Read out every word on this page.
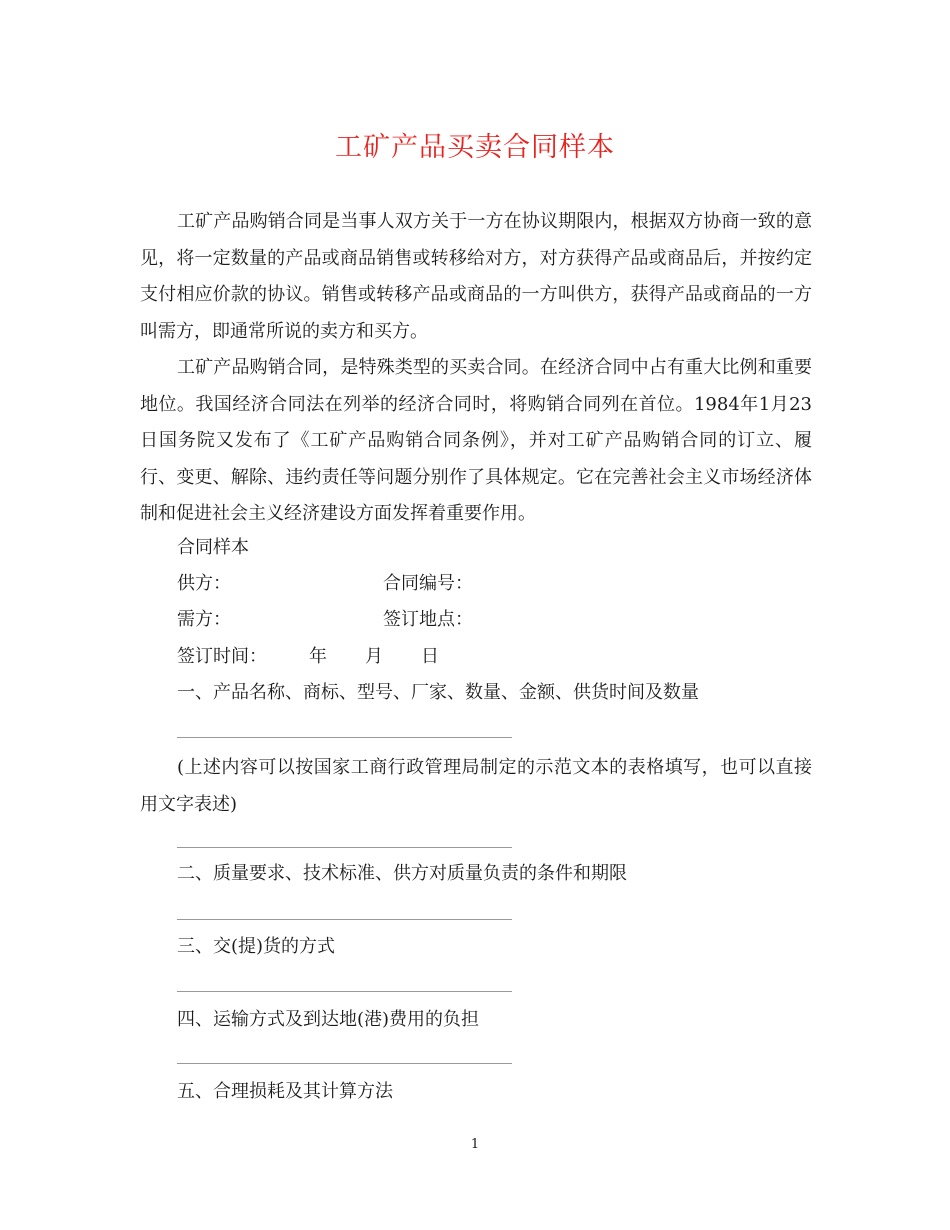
工矿产品买卖合同样本

工矿产品购销合同是当事人双方关于一方在协议期限内，根据双方协商一致的意见，将一定数量的产品或商品销售或转移给对方，对方获得产品或商品后，并按约定支付相应价款的协议。销售或转移产品或商品的一方叫供方，获得产品或商品的一方叫需方，即通常所说的卖方和买方。

工矿产品购销合同，是特殊类型的买卖合同。在经济合同中占有重大比例和重要地位。我国经济合同法在列举的经济合同时，将购销合同列在首位。1984年1月23日国务院又发布了《工矿产品购销合同条例》，并对工矿产品购销合同的订立、履行、变更、解除、违约责任等问题分别作了具体规定。它在完善社会主义市场经济体制和促进社会主义经济建设方面发挥着重要作用。

合同样本
供方：	合同编号：
需方：	签订地点：
签订时间： 年 月 日
一、产品名称、商标、型号、厂家、数量、金额、供货时间及数量

(上述内容可以按国家工商行政管理局制定的示范文本的表格填写，也可以直接用文字表述)

二、质量要求、技术标准、供方对质量负责的条件和期限
三、交(提)货的方式
四、运输方式及到达地(港)费用的负担
五、合理损耗及其计算方法
1
